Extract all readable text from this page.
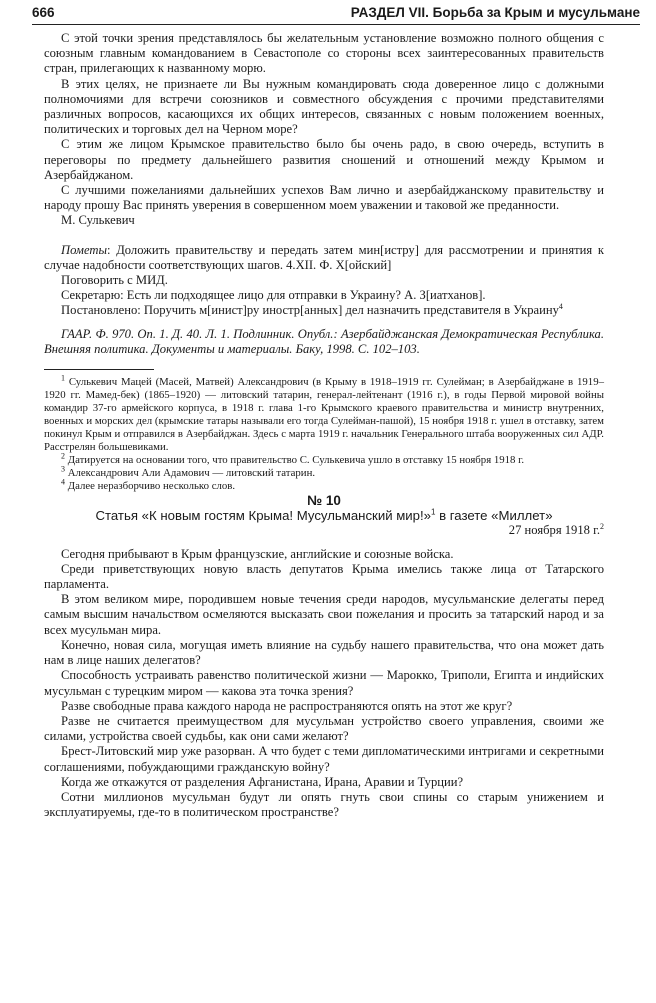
666	РАЗДЕЛ VII. Борьба за Крым и мусульмане

С этой точки зрения представлялось бы желательным установление возможно полного общения с союзным главным командованием в Севастополе со стороны всех заинтересованных правительств стран, прилегающих к названному морю.

В этих целях, не признаете ли Вы нужным командировать сюда доверенное лицо с должными полномочиями для встречи союзников и совместного обсуждения с прочими представителями различных вопросов, касающихся их общих интересов, связанных с новым положением военных, политических и торговых дел на Черном море?

С этим же лицом Крымское правительство было бы очень радо, в свою очередь, вступить в переговоры по предмету дальнейшего развития сношений и отношений между Крымом и Азербайджаном.

С лучшими пожеланиями дальнейших успехов Вам лично и азербайджанскому правительству и народу прошу Вас принять уверения в совершенном моем уважении и таковой же преданности.

М. Сулькевич

Пометы: Доложить правительству и передать затем мин[истру] для рассмотрении и принятия к случае надобности соответствующих шагов. 4.XII. Ф. Х[ойский]

Поговорить с МИД.

Секретарю: Есть ли подходящее лицо для отправки в Украину? А. З[иатханов].

Постановлено: Поручить м[инист]ру иностр[анных] дел назначить представителя в Украину$^4$

ГААР. Ф. 970. Оп. 1. Д. 40. Л. 1. Подлинник. Опубл.: Азербайджанская Демократическая Республика. Внешняя политика. Документы и материалы. Баку, 1998. С. 102–103.

$^1$ Сулькевич Мацей (Масей, Матвей) Александрович (в Крыму в 1918–1919 гг. Сулейман; в Азербайджане в 1919–1920 гг. Мамед-бек) (1865–1920) — литовский татарин, генерал-лейтенант (1916 г.), в годы Первой мировой войны командир 37-го армейского корпуса, в 1918 г. глава 1-го Крымского краевого правительства и министр внутренних, военных и морских дел (крымские татары называли его тогда Сулейман-пашой), 15 ноября 1918 г. ушел в отставку, затем покинул Крым и отправился в Азербайджан. Здесь с марта 1919 г. начальник Генерального штаба вооруженных сил АДР. Расстрелян большевиками.

$^2$ Датируется на основании того, что правительство С. Сулькевича ушло в отставку 15 ноября 1918 г.

$^3$ Александрович Али Адамович — литовский татарин.

$^4$ Далее неразборчиво несколько слов.

№ 10

Статья «К новым гостям Крыма! Мусульманский мир!»$^1$ в газете «Миллет»

27 ноября 1918 г.$^2$

Сегодня прибывают в Крым французские, английские и союзные войска.

Среди приветствующих новую власть депутатов Крыма имелись также лица от Татарского парламента.

В этом великом мире, породившем новые течения среди народов, мусульманские делегаты перед самым высшим начальством осмеляются высказать свои пожелания и просить за татарский народ и за всех мусульман мира.

Конечно, новая сила, могущая иметь влияние на судьбу нашего правительства, что она может дать нам в лице наших делегатов?

Способность устраивать равенство политической жизни — Марокко, Триполи, Египта и индийских мусульман с турецким миром — какова эта точка зрения?

Разве свободные права каждого народа не распространяются опять на этот же круг?

Разве не считается преимуществом для мусульман устройство своего управления, своими же силами, устройства своей судьбы, как они сами желают?

Брест-Литовский мир уже разорван. А что будет с теми дипломатическими интригами и секретными соглашениями, побуждающими гражданскую войну?

Когда же откажутся от разделения Афганистана, Ирана, Аравии и Турции?

Сотни миллионов мусульман будут ли опять гнуть свои спины со старым унижением и эксплуатируемы, где-то в политическом пространстве?
